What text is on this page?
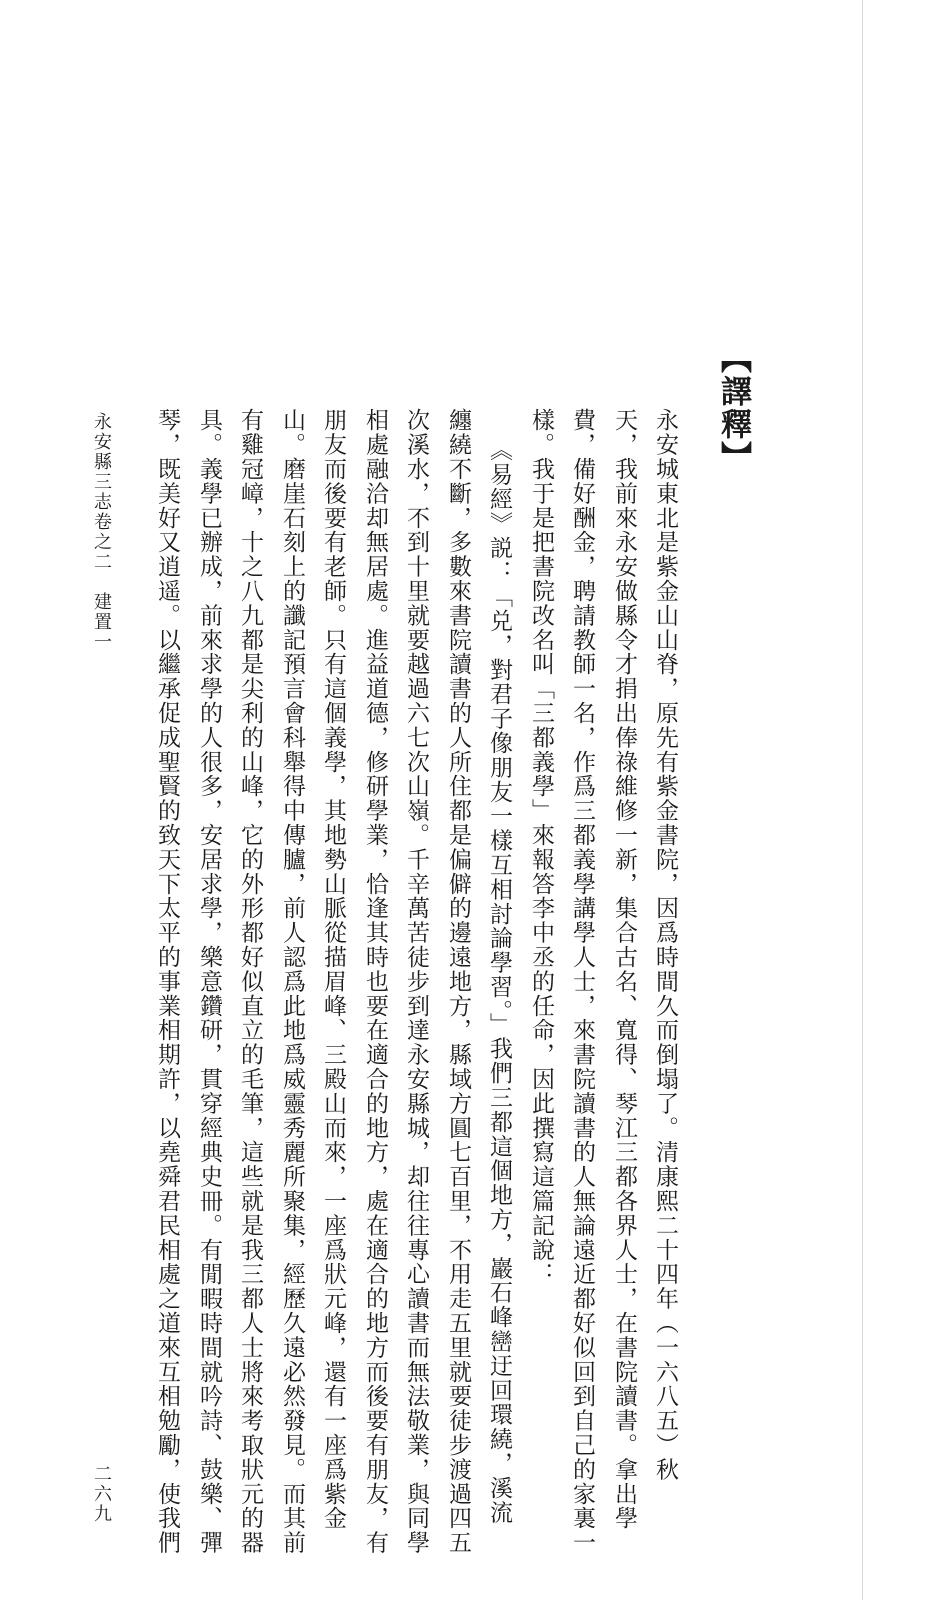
【譯釋】
永安城東北是紫金山山脊，原先有紫金書院，因爲時間久而倒塌了。清康熙二十四年（一六八五）秋
天，我前來永安做縣令才捐出俸祿維修一新，集合古名、寬得、琴江三都各界人士，在書院讀書。拿出學
費，備好酬金，聘請教師一名，作爲三都義學講學人士，來書院讀書的人無論遠近都好似回到自己的家裏一
樣。我于是把書院改名叫「三都義學」來報答李中丞的任命，因此撰寫這篇記說：
《易經》説：「兑，對君子像朋友一樣互相討論學習。」我們三都這個地方，巖石峰巒迂回環繞，溪流
纏繞不斷，多數來書院讀書的人所住都是偏僻的邊遠地方，縣域方圓七百里，不用走五里就要徒步渡過四五
次溪水，不到十里就要越過六七次山嶺。千辛萬苦徒步到達永安縣城，却往往專心讀書而無法敬業，與同學
相處融洽却無居處。進益道德，修研學業，恰逢其時也要在適合的地方，處在適合的地方而後要有朋友，有
朋友而後要有老師。只有這個義學，其地勢山脈從描眉峰、三殿山而來，一座爲狀元峰，還有一座爲紫金
山。磨崖石刻上的讖記預言會科舉得中傳臚，前人認爲此地爲威靈秀麗所聚集，經歷久遠必然發見。而其前
有雞冠嶂，十之八九都是尖利的山峰，它的外形都好似直立的毛筆，這些就是我三都人士將來考取狀元的器
具。義學已辦成，前來求學的人很多，安居求學，樂意鑽研，貫穿經典史冊。有閒暇時間就吟詩、鼓樂、彈
琴，既美好又逍遥。以繼承促成聖賢的致天下太平的事業相期許，以堯舜君民相處之道來互相勉勵，使我們
永安縣三志卷之二　建置一
二六九
